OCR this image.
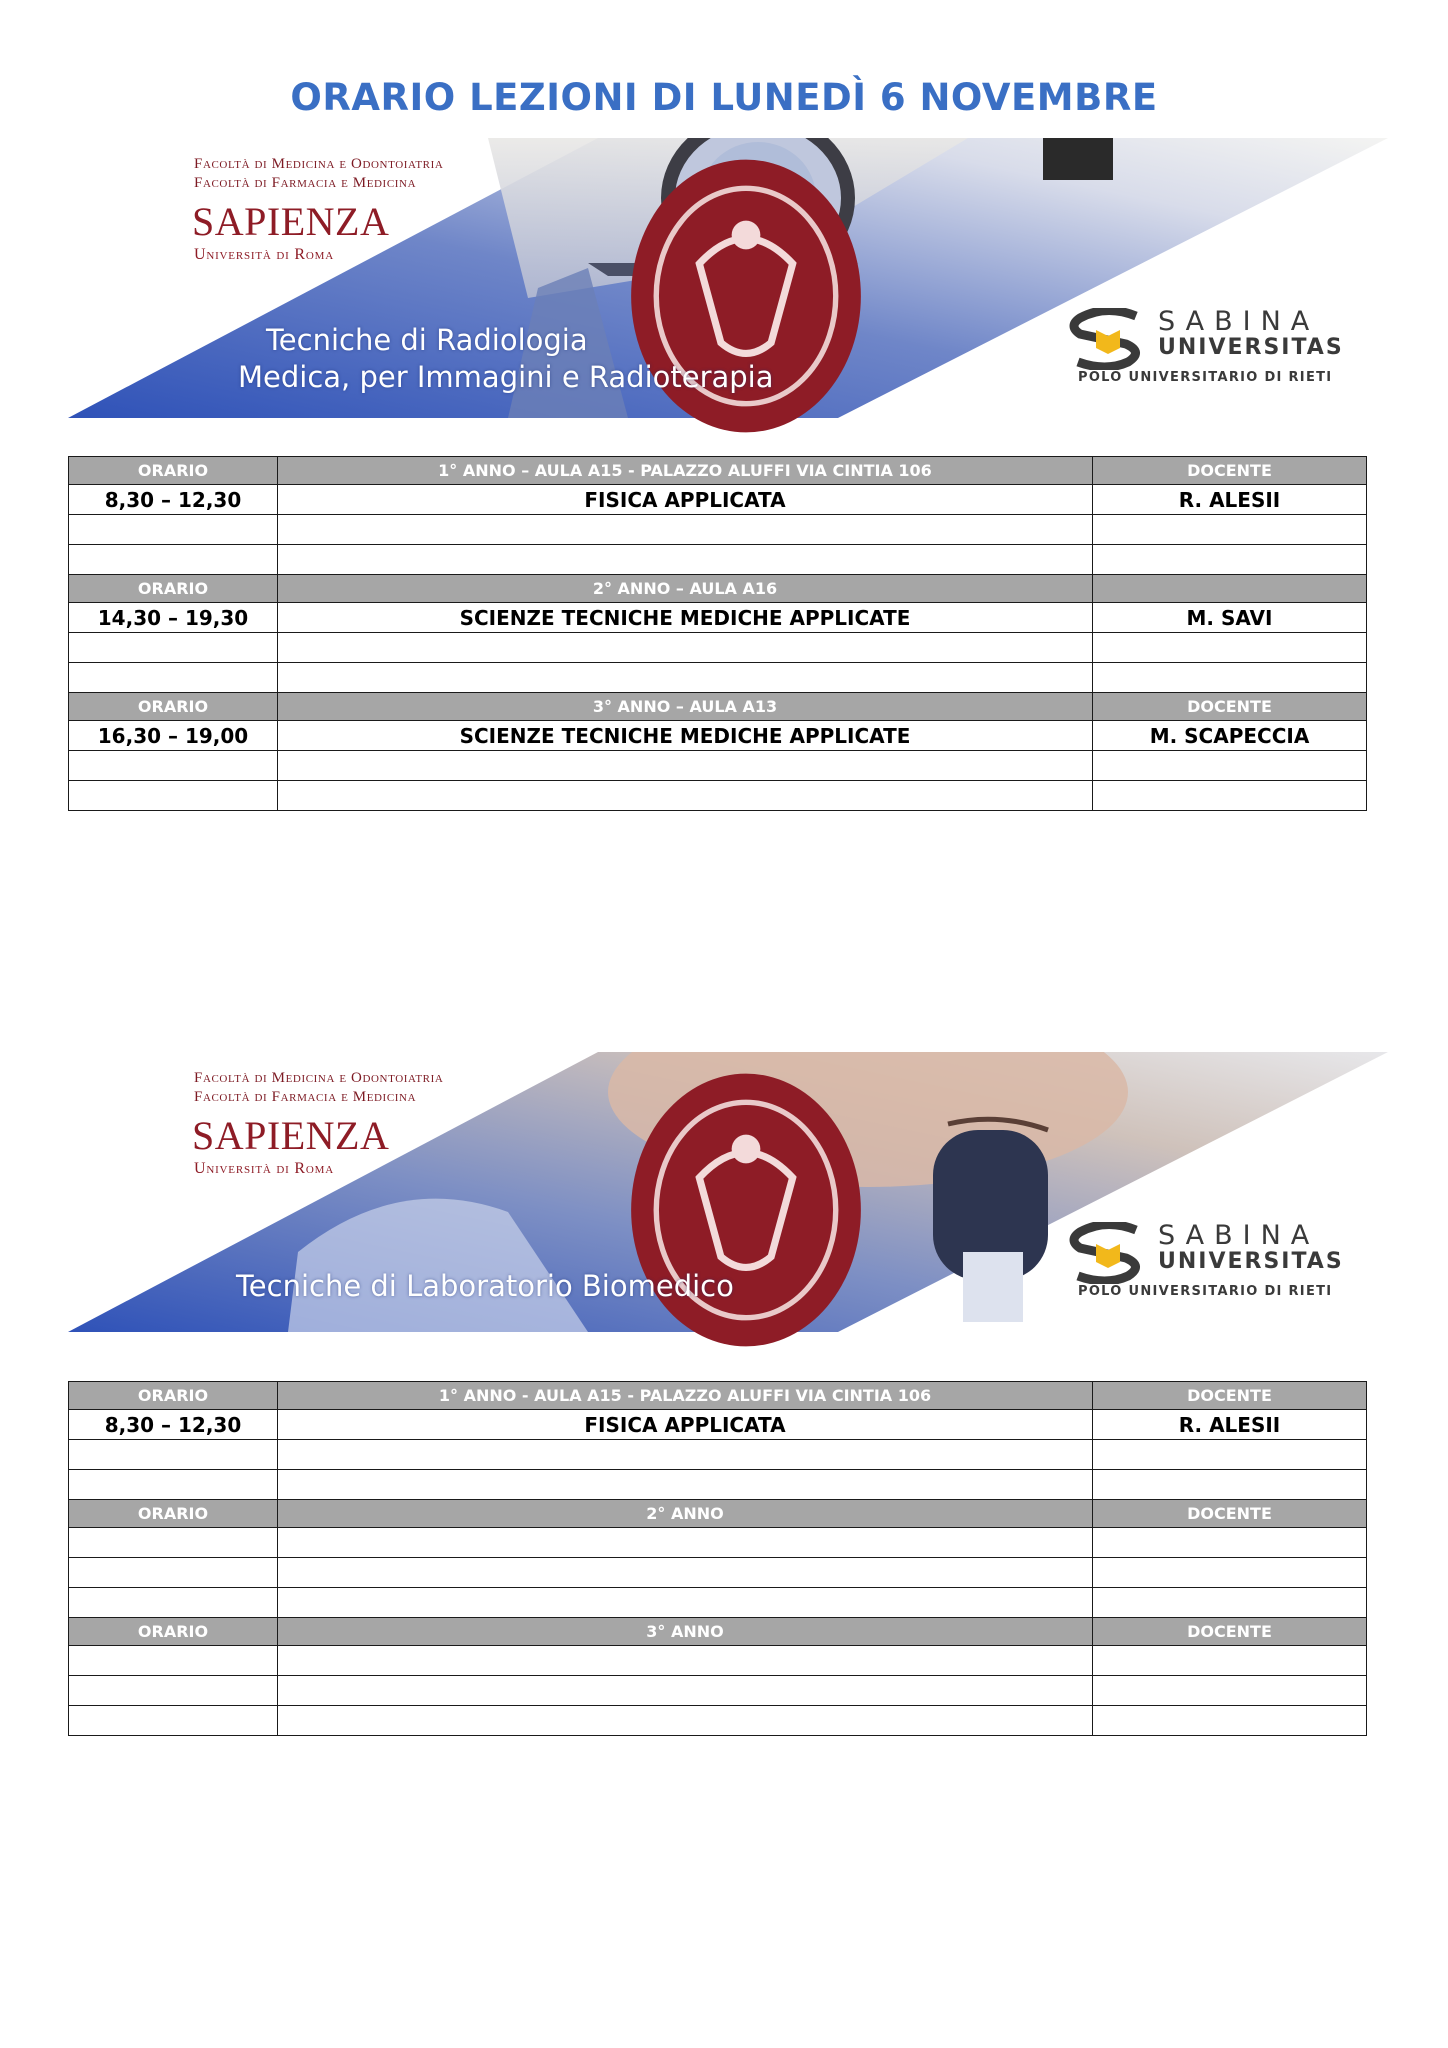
ORARIO LEZIONI DI LUNEDÌ 6 NOVEMBRE
Facoltà di Medicina e Odontoiatria
Facoltà di Farmacia e Medicina
SAPIENZA
Università di Roma
Tecniche di Radiologia
Medica, per Immagini e Radioterapia
SABINA
UNIVERSITAS
POLO UNIVERSITARIO DI RIETI
ORARIO	1° ANNO – AULA A15 - PALAZZO ALUFFI VIA CINTIA 106	DOCENTE
8,30 – 12,30	FISICA APPLICATA	R. ALESII

ORARIO	2° ANNO – AULA A16	
14,30 – 19,30	SCIENZE TECNICHE MEDICHE APPLICATE	M. SAVI

ORARIO	3° ANNO – AULA A13	DOCENTE
16,30 – 19,00	SCIENZE TECNICHE MEDICHE APPLICATE	M. SCAPECCIA

Facoltà di Medicina e Odontoiatria
Facoltà di Farmacia e Medicina
SAPIENZA
Università di Roma
Tecniche di Laboratorio Biomedico
SABINA
UNIVERSITAS
POLO UNIVERSITARIO DI RIETI
ORARIO	1° ANNO - AULA A15 - PALAZZO ALUFFI VIA CINTIA 106	DOCENTE
8,30 – 12,30	FISICA APPLICATA	R. ALESII

ORARIO	2° ANNO	DOCENTE

ORARIO	3° ANNO	DOCENTE
